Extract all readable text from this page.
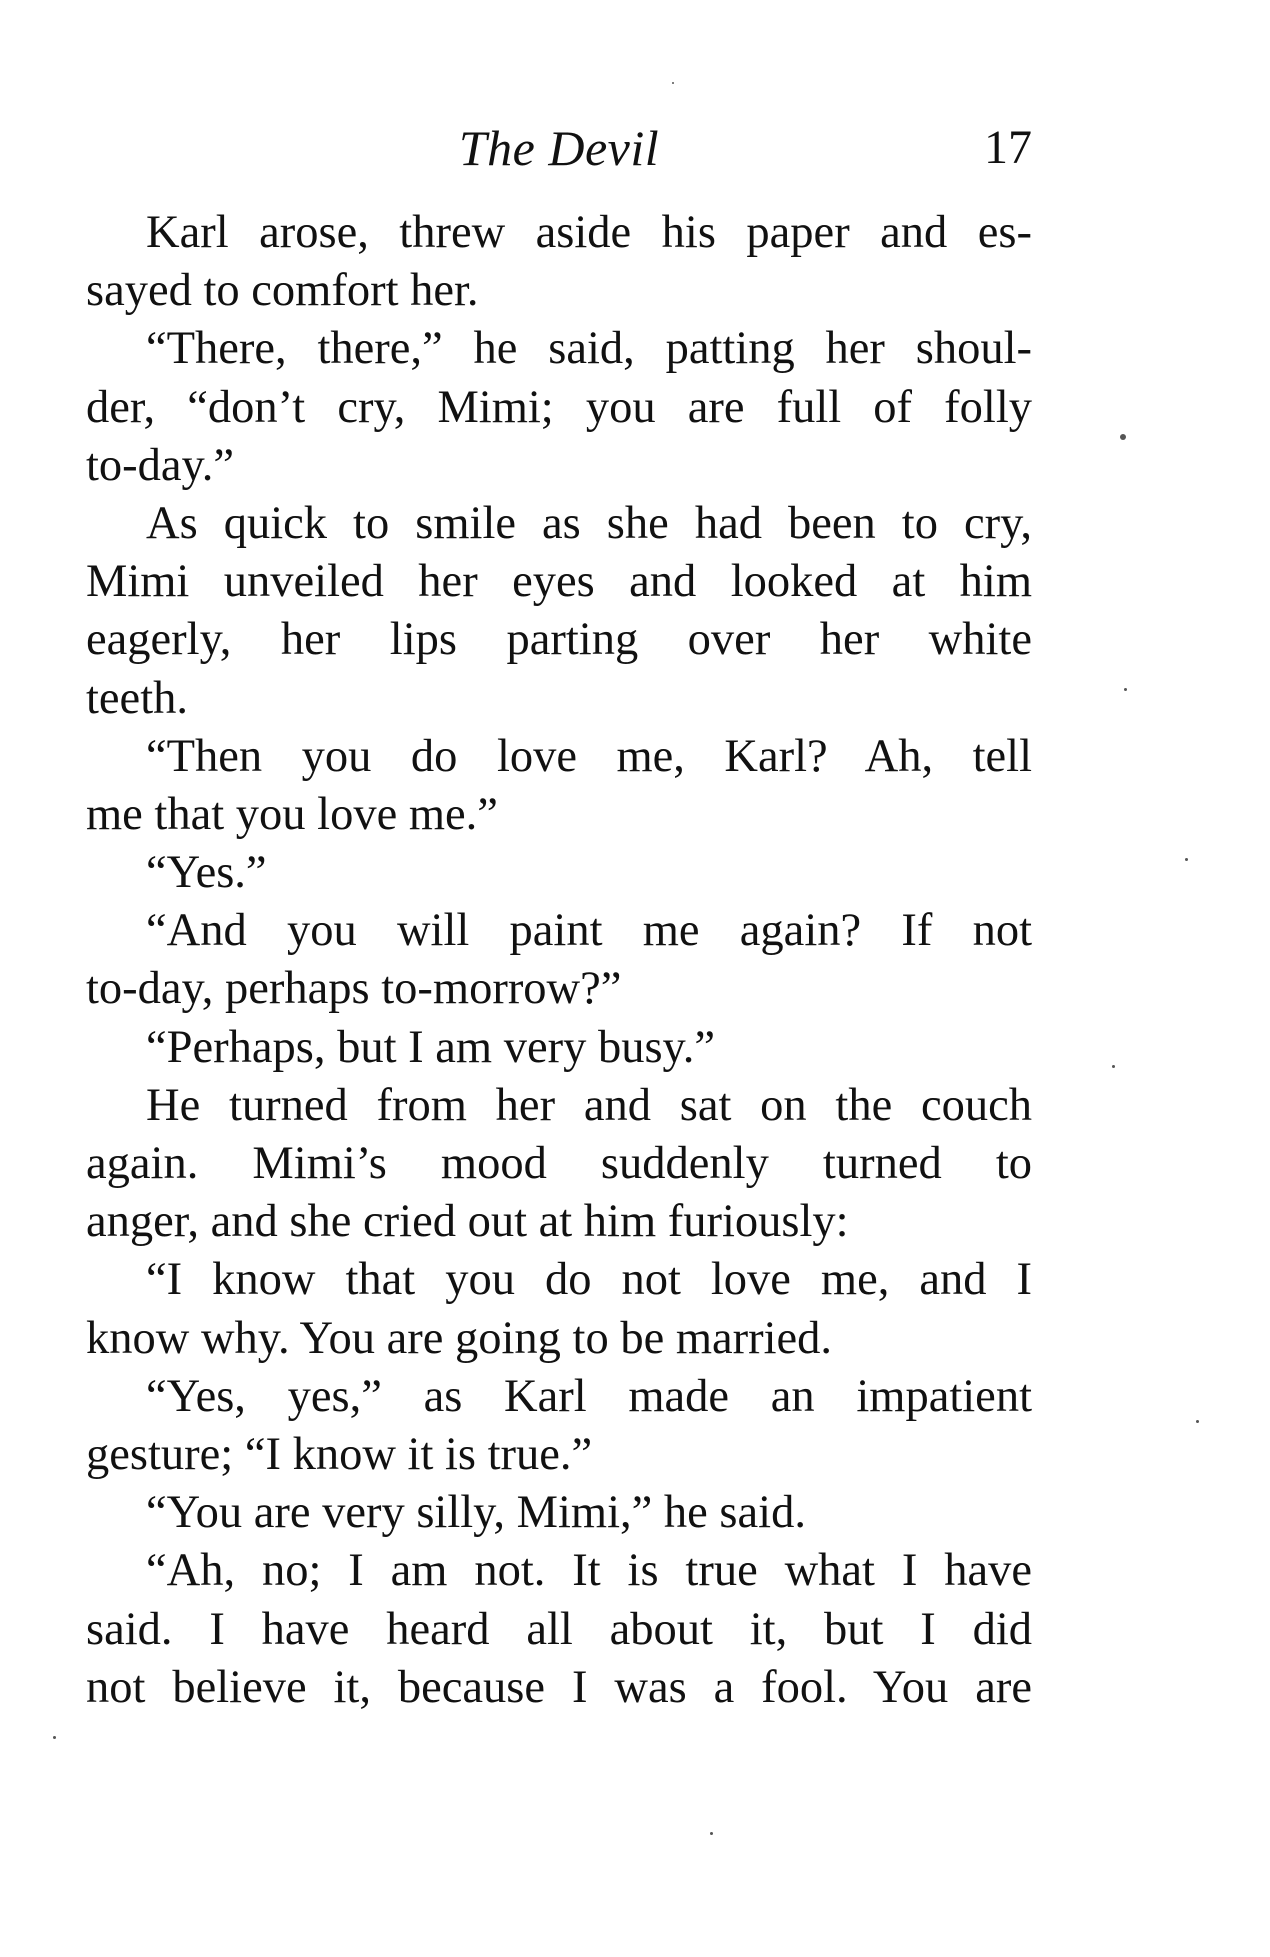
The Devil	17
Karl arose, threw aside his paper and es-
sayed to comfort her.
“There, there,” he said, patting her shoul-
der, “don’t cry, Mimi; you are full of folly
to-day.”
As quick to smile as she had been to cry,
Mimi unveiled her eyes and looked at him
eagerly, her lips parting over her white
teeth.
“Then you do love me, Karl? Ah, tell
me that you love me.”
“Yes.”
“And you will paint me again? If not
to-day, perhaps to-morrow?”
“Perhaps, but I am very busy.”
He turned from her and sat on the couch
again. Mimi’s mood suddenly turned to
anger, and she cried out at him furiously:
“I know that you do not love me, and I
know why. You are going to be married.
“Yes, yes,” as Karl made an impatient
gesture; “I know it is true.”
“You are very silly, Mimi,” he said.
“Ah, no; I am not. It is true what I have
said. I have heard all about it, but I did
not believe it, because I was a fool. You are
